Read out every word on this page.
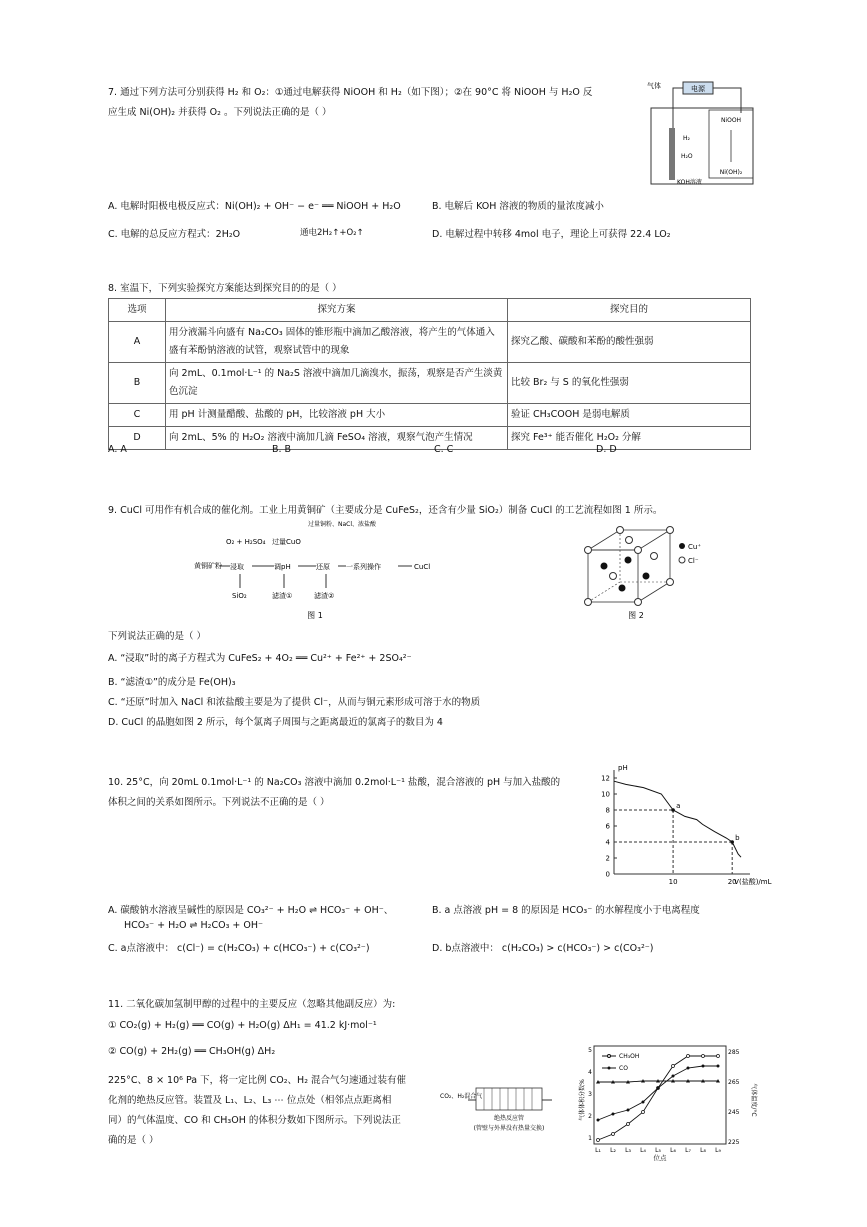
7. 通过下列方法可分别获得 H₂ 和 O₂：①通过电解获得 NiOOH 和 H₂（如下图）；②在 90°C 将 NiOOH 与 H₂O 反
应生成 Ni(OH)₂ 并获得 O₂ 。下列说法正确的是（ ）
电源
气体
H₂
H₂O
NiOOH
Ni(OH)₂
KOH溶液
A. 电解时阳极电极反应式：Ni(OH)₂ + OH⁻ − e⁻ ══ NiOOH + H₂O	B. 电解后 KOH 溶液的物质的量浓度减小
C. 电解的总反应方程式：2H₂O	通电2H₂↑+O₂↑	D. 电解过程中转移 4mol 电子，理论上可获得 22.4 LO₂
8. 室温下，下列实验探究方案能达到探究目的的是（ ）
选项	探究方案	探究目的
A	用分液漏斗向盛有 Na₂CO₃ 固体的锥形瓶中滴加乙酸溶液，将产生的气体通入盛有苯酚钠溶液的试管，观察试管中的现象	探究乙酸、碳酸和苯酚的酸性强弱
B	向 2mL、0.1mol·L⁻¹ 的 Na₂S 溶液中滴加几滴溴水，振荡，观察是否产生淡黄色沉淀	比较 Br₂ 与 S 的氧化性强弱
C	用 pH 计测量醋酸、盐酸的 pH，比较溶液 pH 大小	验证 CH₃COOH 是弱电解质
D	向 2mL、5% 的 H₂O₂ 溶液中滴加几滴 FeSO₄ 溶液，观察气泡产生情况	探究 Fe³⁺ 能否催化 H₂O₂ 分解
A. A	B. B	C. C	D. D
9. CuCl 可用作有机合成的催化剂。工业上用黄铜矿（主要成分是 CuFeS₂，还含有少量 SiO₂）制备 CuCl 的工艺流程如图 1 所示。
O₂ + H₂SO₄ 过量CuO
过量铜粉、NaCl、浓盐酸
黄铜矿粉 浸取	调pH	还原 一系列操作	CuCl
SiO₂	滤渣①	滤渣②
图 1
Cu⁺
Cl⁻
图 2
下列说法正确的是（ ）
A. “浸取”时的离子方程式为 CuFeS₂ + 4O₂ ══ Cu²⁺ + Fe²⁺ + 2SO₄²⁻
B. “滤渣①”的成分是 Fe(OH)₃
C. “还原”时加入 NaCl 和浓盐酸主要是为了提供 Cl⁻，从而与铜元素形成可溶于水的物质
D. CuCl 的晶胞如图 2 所示，每个氯离子周围与之距离最近的氯离子的数目为 4
10. 25°C，向 20mL 0.1mol·L⁻¹ 的 Na₂CO₃ 溶液中滴加 0.2mol·L⁻¹ 盐酸，混合溶液的 pH 与加入盐酸的
体积之间的关系如图所示。下列说法不正确的是（ ）
pH
V(盐酸)/mL
0
2
4
6
8
10
12
10	20
a
b
A. 碳酸钠水溶液呈碱性的原因是 CO₃²⁻ + H₂O ⇌ HCO₃⁻ + OH⁻、
HCO₃⁻ + H₂O ⇌ H₂CO₃ + OH⁻
B. a 点溶液 pH = 8 的原因是 HCO₃⁻ 的水解程度小于电离程度
C. a点溶液中： c(Cl⁻) = c(H₂CO₃) + c(HCO₃⁻) + c(CO₃²⁻)	D. b点溶液中： c(H₂CO₃) > c(HCO₃⁻) > c(CO₃²⁻)
11. 二氧化碳加氢制甲醇的过程中的主要反应（忽略其他副反应）为:
① CO₂(g) + H₂(g) ══ CO(g) + H₂O(g) ΔH₁ = 41.2 kJ·mol⁻¹
② CO(g) + 2H₂(g) ══ CH₃OH(g) ΔH₂
225°C、8 × 10⁶ Pa 下，将一定比例 CO₂、H₂ 混合气匀速通过装有催
化剂的绝热反应管。装置及 L₁、L₂、L₃ ⋯ 位点处（相邻点点距离相
同）的气体温度、CO 和 CH₃OH 的体积分数如下图所示。下列说法正
确的是（ ）
CO₂、H₂混合气
绝热反应管
(管壁与外界没有热量交换)
气体体积分数%	气体温度/°C
5
4
3
2
1
285
265
245
225
L₁ L₂ L₃ L₄ L₅ L₆ L₇ L₈ L₉
位点
CH₃OH
CO
